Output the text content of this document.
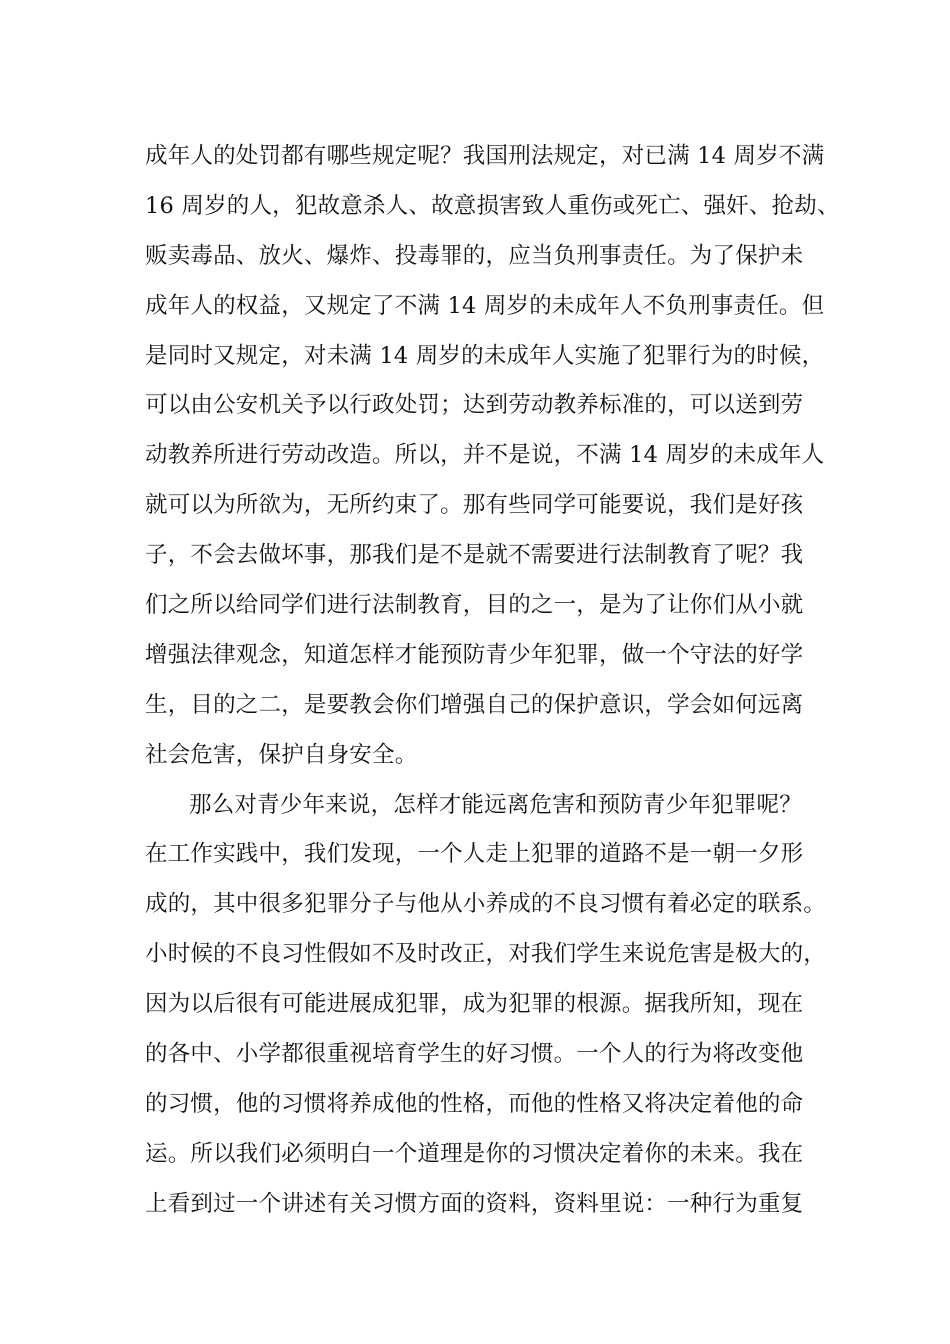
成年人的处罚都有哪些规定呢？我国刑法规定，对已满 14 周岁不满
16 周岁的人，犯故意杀人、故意损害致人重伤或死亡、强奸、抢劫、
贩卖毒品、放火、爆炸、投毒罪的，应当负刑事责任。为了保护未
成年人的权益，又规定了不满 14 周岁的未成年人不负刑事责任。但
是同时又规定，对未满 14 周岁的未成年人实施了犯罪行为的时候，
可以由公安机关予以行政处罚；达到劳动教养标准的，可以送到劳
动教养所进行劳动改造。所以，并不是说，不满 14 周岁的未成年人
就可以为所欲为，无所约束了。那有些同学可能要说，我们是好孩
子，不会去做坏事，那我们是不是就不需要进行法制教育了呢？我
们之所以给同学们进行法制教育，目的之一，是为了让你们从小就
增强法律观念，知道怎样才能预防青少年犯罪，做一个守法的好学
生，目的之二，是要教会你们增强自己的保护意识，学会如何远离
社会危害，保护自身安全。
那么对青少年来说，怎样才能远离危害和预防青少年犯罪呢？
在工作实践中，我们发现，一个人走上犯罪的道路不是一朝一夕形
成的，其中很多犯罪分子与他从小养成的不良习惯有着必定的联系。
小时候的不良习性假如不及时改正，对我们学生来说危害是极大的，
因为以后很有可能进展成犯罪，成为犯罪的根源。据我所知，现在
的各中、小学都很重视培育学生的好习惯。一个人的行为将改变他
的习惯，他的习惯将养成他的性格，而他的性格又将决定着他的命
运。所以我们必须明白一个道理是你的习惯决定着你的未来。我在
上看到过一个讲述有关习惯方面的资料，资料里说：一种行为重复
